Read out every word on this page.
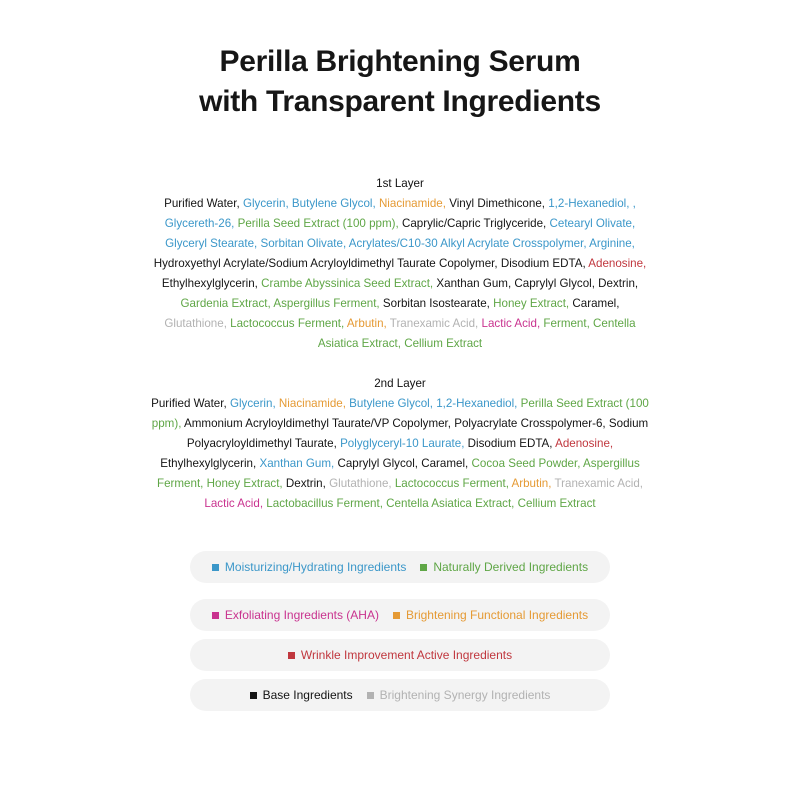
Perilla Brightening Serum
with Transparent Ingredients
1st Layer
Purified Water, Glycerin, Butylene Glycol, Niacinamide, Vinyl Dimethicone, 1,2-Hexanediol, , Glycereth-26, Perilla Seed Extract (100 ppm), Caprylic/Capric Triglyceride, Cetearyl Olivate, Glyceryl Stearate, Sorbitan Olivate, Acrylates/C10-30 Alkyl Acrylate Crosspolymer, Arginine, Hydroxyethyl Acrylate/Sodium Acryloyldimethyl Taurate Copolymer, Disodium EDTA, Adenosine, Ethylhexylglycerin, Crambe Abyssinica Seed Extract, Xanthan Gum, Caprylyl Glycol, Dextrin, Gardenia Extract, Aspergillus Ferment, Sorbitan Isostearate, Honey Extract, Caramel, Glutathione, Lactococcus Ferment, Arbutin, Tranexamic Acid, Lactic Acid, Ferment, Centella Asiatica Extract, Cellium Extract
2nd Layer
Purified Water, Glycerin, Niacinamide, Butylene Glycol, 1,2-Hexanediol, Perilla Seed Extract (100 ppm), Ammonium Acryloyldimethyl Taurate/VP Copolymer, Polyacrylate Crosspolymer-6, Sodium Polyacryloyldimethyl Taurate, Polyglyceryl-10 Laurate, Disodium EDTA, Adenosine, Ethylhexylglycerin, Xanthan Gum, Caprylyl Glycol, Caramel, Cocoa Seed Powder, Aspergillus Ferment, Honey Extract, Dextrin, Glutathione, Lactococcus Ferment, Arbutin, Tranexamic Acid, Lactic Acid, Lactobacillus Ferment, Centella Asiatica Extract, Cellium Extract
Moisturizing/Hydrating Ingredients Naturally Derived Ingredients
Exfoliating Ingredients (AHA) Brightening Functional Ingredients
Wrinkle Improvement Active Ingredients
Base Ingredients Brightening Synergy Ingredients
